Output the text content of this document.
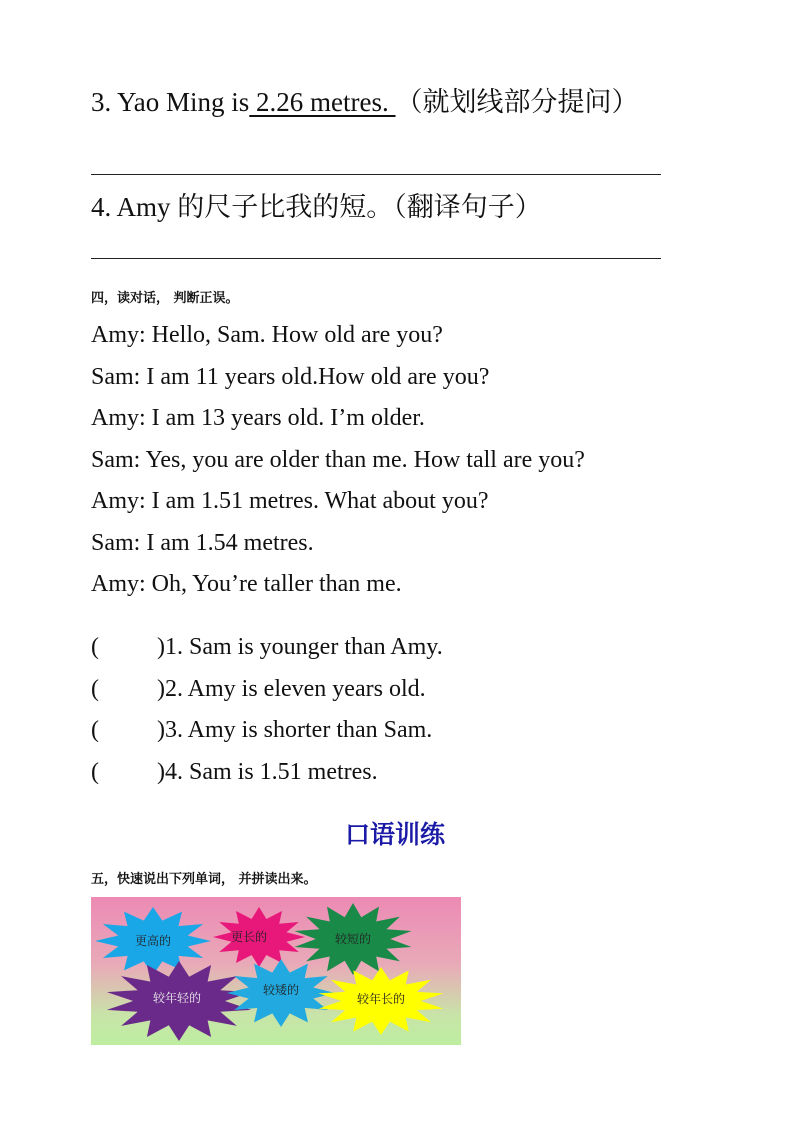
3. Yao Ming is 2.26 metres. （就划线部分提问）
4. Amy 的尺子比我的短。（翻译句子）
四，读对话， 判断正误。
Amy: Hello, Sam. How old are you?
Sam: I am 11 years old.How old are you?
Amy: I am 13 years old. I’m older.
Sam: Yes, you are older than me. How tall are you?
Amy: I am 1.51 metres. What about you?
Sam: I am 1.54 metres.
Amy: Oh, You’re taller than me.
( )1. Sam is younger than Amy.
( )2. Amy is eleven years old.
( )3. Amy is shorter than Sam.
( )4. Sam is 1.51 metres.
口语训练
五，快速说出下列单词， 并拼读出来。
更高的	更长的	较短的
较年轻的
较矮的
较年长的
